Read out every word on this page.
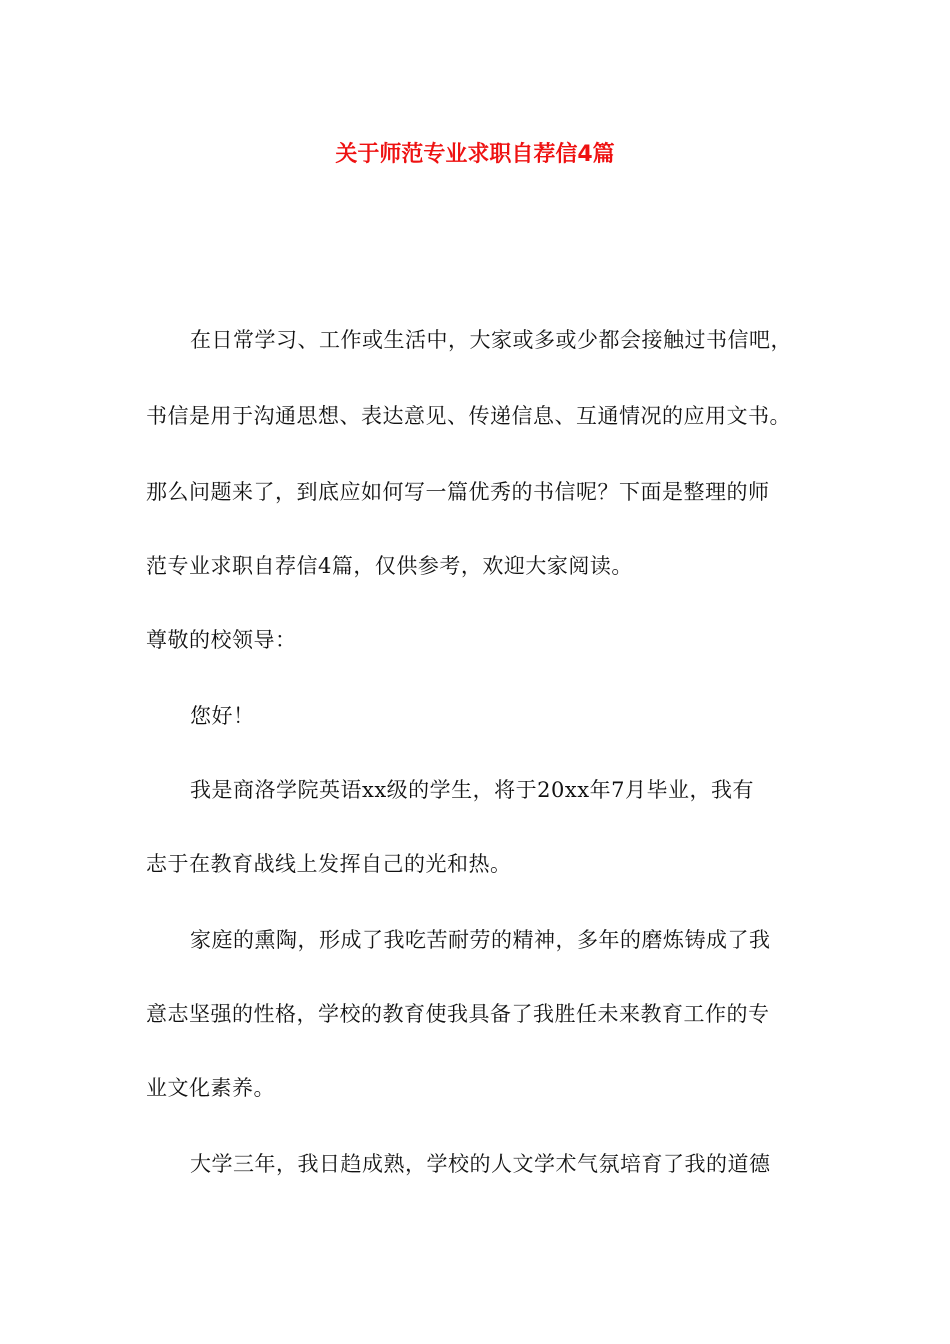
关于师范专业求职自荐信4篇
在日常学习、工作或生活中，大家或多或少都会接触过书信吧，
书信是用于沟通思想、表达意见、传递信息、互通情况的应用文书。
那么问题来了，到底应如何写一篇优秀的书信呢？下面是整理的师
范专业求职自荐信4篇，仅供参考，欢迎大家阅读。
尊敬的校领导：
您好！
我是商洛学院英语xx级的学生，将于20xx年7月毕业，我有
志于在教育战线上发挥自己的光和热。
家庭的熏陶，形成了我吃苦耐劳的精神，多年的磨炼铸成了我
意志坚强的性格，学校的教育使我具备了我胜任未来教育工作的专
业文化素养。
大学三年，我日趋成熟，学校的人文学术气氛培育了我的道德
